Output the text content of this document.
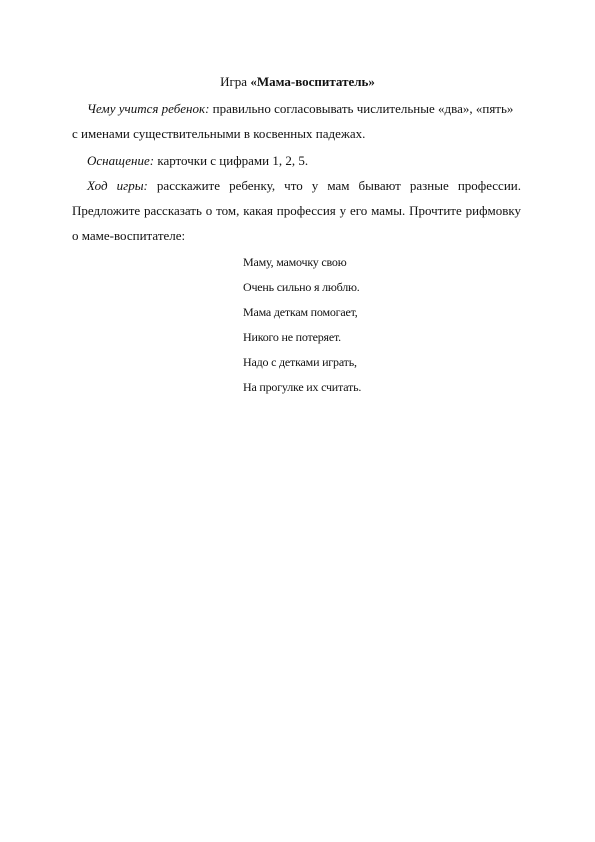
Игра «Мама-воспитатель»

Чему учится ребенок: правильно согласовывать числительные «два», «пять» с именами существительными в косвенных падежах.

Оснащение: карточки с цифрами 1, 2, 5.

Ход игры: расскажите ребенку, что у мам бывают разные профессии. Предложите рассказать о том, какая профессия у его мамы. Прочтите рифмовку о маме-воспитателе:

Маму, мамочку свою
Очень сильно я люблю.
Мама деткам помогает,
Никого не потеряет.
Надо с детками играть,
На прогулке их считать.
